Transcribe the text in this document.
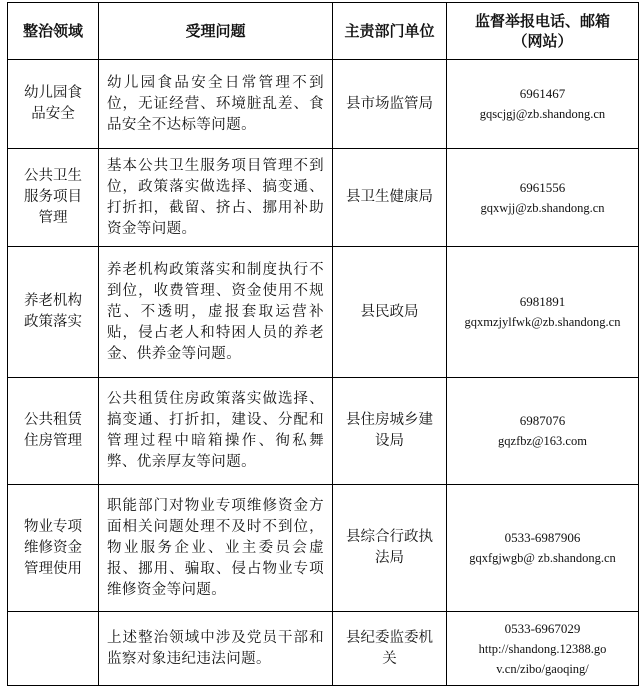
整治领域	受理问题	主责部门单位	监督举报电话、邮箱（网站）
幼儿园食品安全	幼儿园食品安全日常管理不到位，无证经营、环境脏乱差、食品安全不达标等问题。	县市场监管局	6961467
gqscjgj@zb.shandong.cn

公共卫生服务项目管理	基本公共卫生服务项目管理不到位，政策落实做选择、搞变通、打折扣，截留、挤占、挪用补助资金等问题。	县卫生健康局	6961556
gqxwjj@zb.shandong.cn

养老机构政策落实	养老机构政策落实和制度执行不到位，收费管理、资金使用不规范、不透明，虚报套取运营补贴，侵占老人和特困人员的养老金、供养金等问题。	县民政局	6981891
gqxmzjylfwk@zb.shandong.cn

公共租赁住房管理	公共租赁住房政策落实做选择、搞变通、打折扣，建设、分配和管理过程中暗箱操作、徇私舞弊、优亲厚友等问题。	县住房城乡建设局	6987076
gqzfbz@163.com

物业专项维修资金管理使用	职能部门对物业专项维修资金方面相关问题处理不及时不到位，物业服务企业、业主委员会虚报、挪用、骗取、侵占物业专项维修资金等问题。	县综合行政执法局	0533-6987906
gqxfgjwgb@ zb.shandong.cn

	上述整治领域中涉及党员干部和监察对象违纪违法问题。	县纪委监委机关	0533-6967029
http://shandong.12388.gov.cn/zibo/gaoqing/
